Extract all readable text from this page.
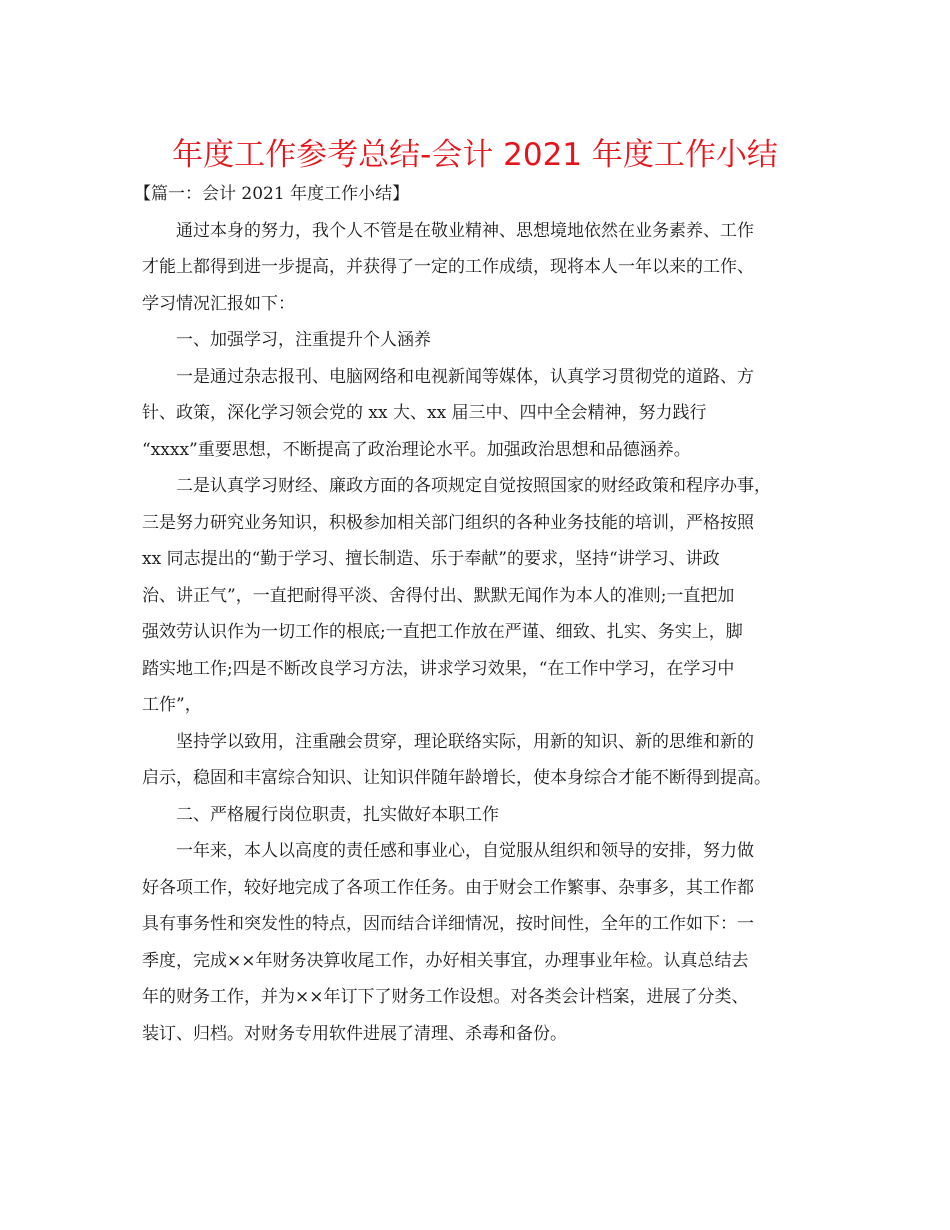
年度工作参考总结-会计 2021 年度工作小结

【篇一：会计 2021 年度工作小结】

通过本身的努力，我个人不管是在敬业精神、思想境地依然在业务素养、工作

才能上都得到进一步提高，并获得了一定的工作成绩，现将本人一年以来的工作、

学习情况汇报如下：

一、加强学习，注重提升个人涵养

一是通过杂志报刊、电脑网络和电视新闻等媒体，认真学习贯彻党的道路、方

针、政策，深化学习领会党的 xx 大、xx 届三中、四中全会精神，努力践行

“xxxx”重要思想，不断提高了政治理论水平。加强政治思想和品德涵养。

二是认真学习财经、廉政方面的各项规定自觉按照国家的财经政策和程序办事，

三是努力研究业务知识，积极参加相关部门组织的各种业务技能的培训，严格按照

xx 同志提出的“勤于学习、擅长制造、乐于奉献”的要求，坚持“讲学习、讲政

治、讲正气”，一直把耐得平淡、舍得付出、默默无闻作为本人的准则;一直把加

强效劳认识作为一切工作的根底;一直把工作放在严谨、细致、扎实、务实上，脚

踏实地工作;四是不断改良学习方法，讲求学习效果，“在工作中学习，在学习中

工作”，

坚持学以致用，注重融会贯穿，理论联络实际，用新的知识、新的思维和新的

启示，稳固和丰富综合知识、让知识伴随年龄增长，使本身综合才能不断得到提高。

二、严格履行岗位职责，扎实做好本职工作

一年来，本人以高度的责任感和事业心，自觉服从组织和领导的安排，努力做

好各项工作，较好地完成了各项工作任务。由于财会工作繁事、杂事多，其工作都

具有事务性和突发性的特点，因而结合详细情况，按时间性，全年的工作如下：一

季度，完成××年财务决算收尾工作，办好相关事宜，办理事业年检。认真总结去

年的财务工作，并为××年订下了财务工作设想。对各类会计档案，进展了分类、

装订、归档。对财务专用软件进展了清理、杀毒和备份。
